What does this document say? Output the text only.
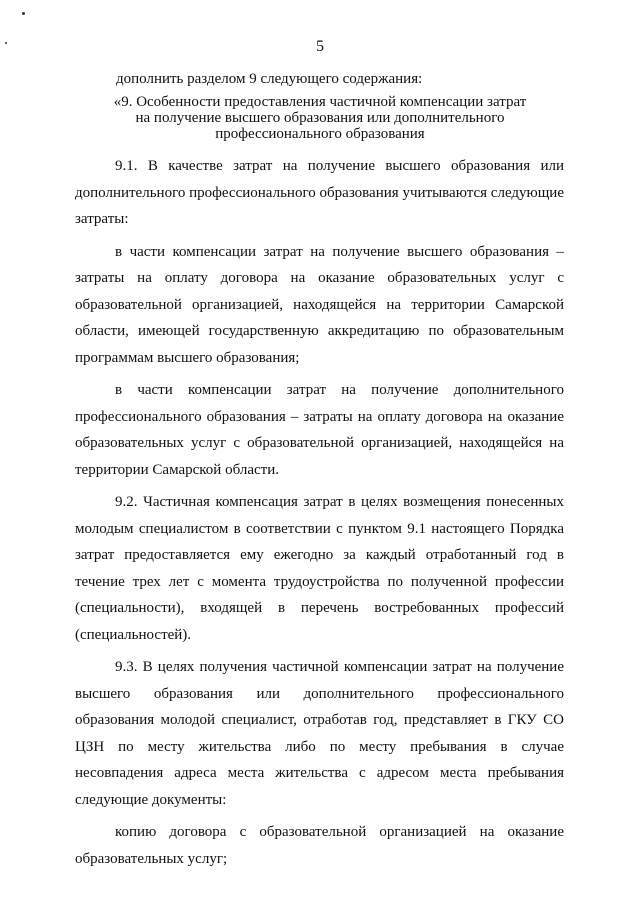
5
дополнить разделом 9 следующего содержания:
«9. Особенности предоставления частичной компенсации затрат
на получение высшего образования или дополнительного
профессионального образования

9.1. В качестве затрат на получение высшего образования или дополнительного профессионального образования учитываются следующие затраты:

в части компенсации затрат на получение высшего образования – затраты на оплату договора на оказание образовательных услуг с образовательной организацией, находящейся на территории Самарской области, имеющей государственную аккредитацию по образовательным программам высшего образования;

в части компенсации затрат на получение дополнительного профессионального образования – затраты на оплату договора на оказание образовательных услуг с образовательной организацией, находящейся на территории Самарской области.

9.2. Частичная компенсация затрат в целях возмещения понесенных молодым специалистом в соответствии с пунктом 9.1 настоящего Порядка затрат предоставляется ему ежегодно за каждый отработанный год в течение трех лет с момента трудоустройства по полученной профессии (специальности), входящей в перечень востребованных профессий (специальностей).

9.3. В целях получения частичной компенсации затрат на получение высшего образования или дополнительного профессионального образования молодой специалист, отработав год, представляет в ГКУ СО ЦЗН по месту жительства либо по месту пребывания в случае несовпадения адреса места жительства с адресом места пребывания следующие документы:

копию договора с образовательной организацией на оказание образовательных услуг;
